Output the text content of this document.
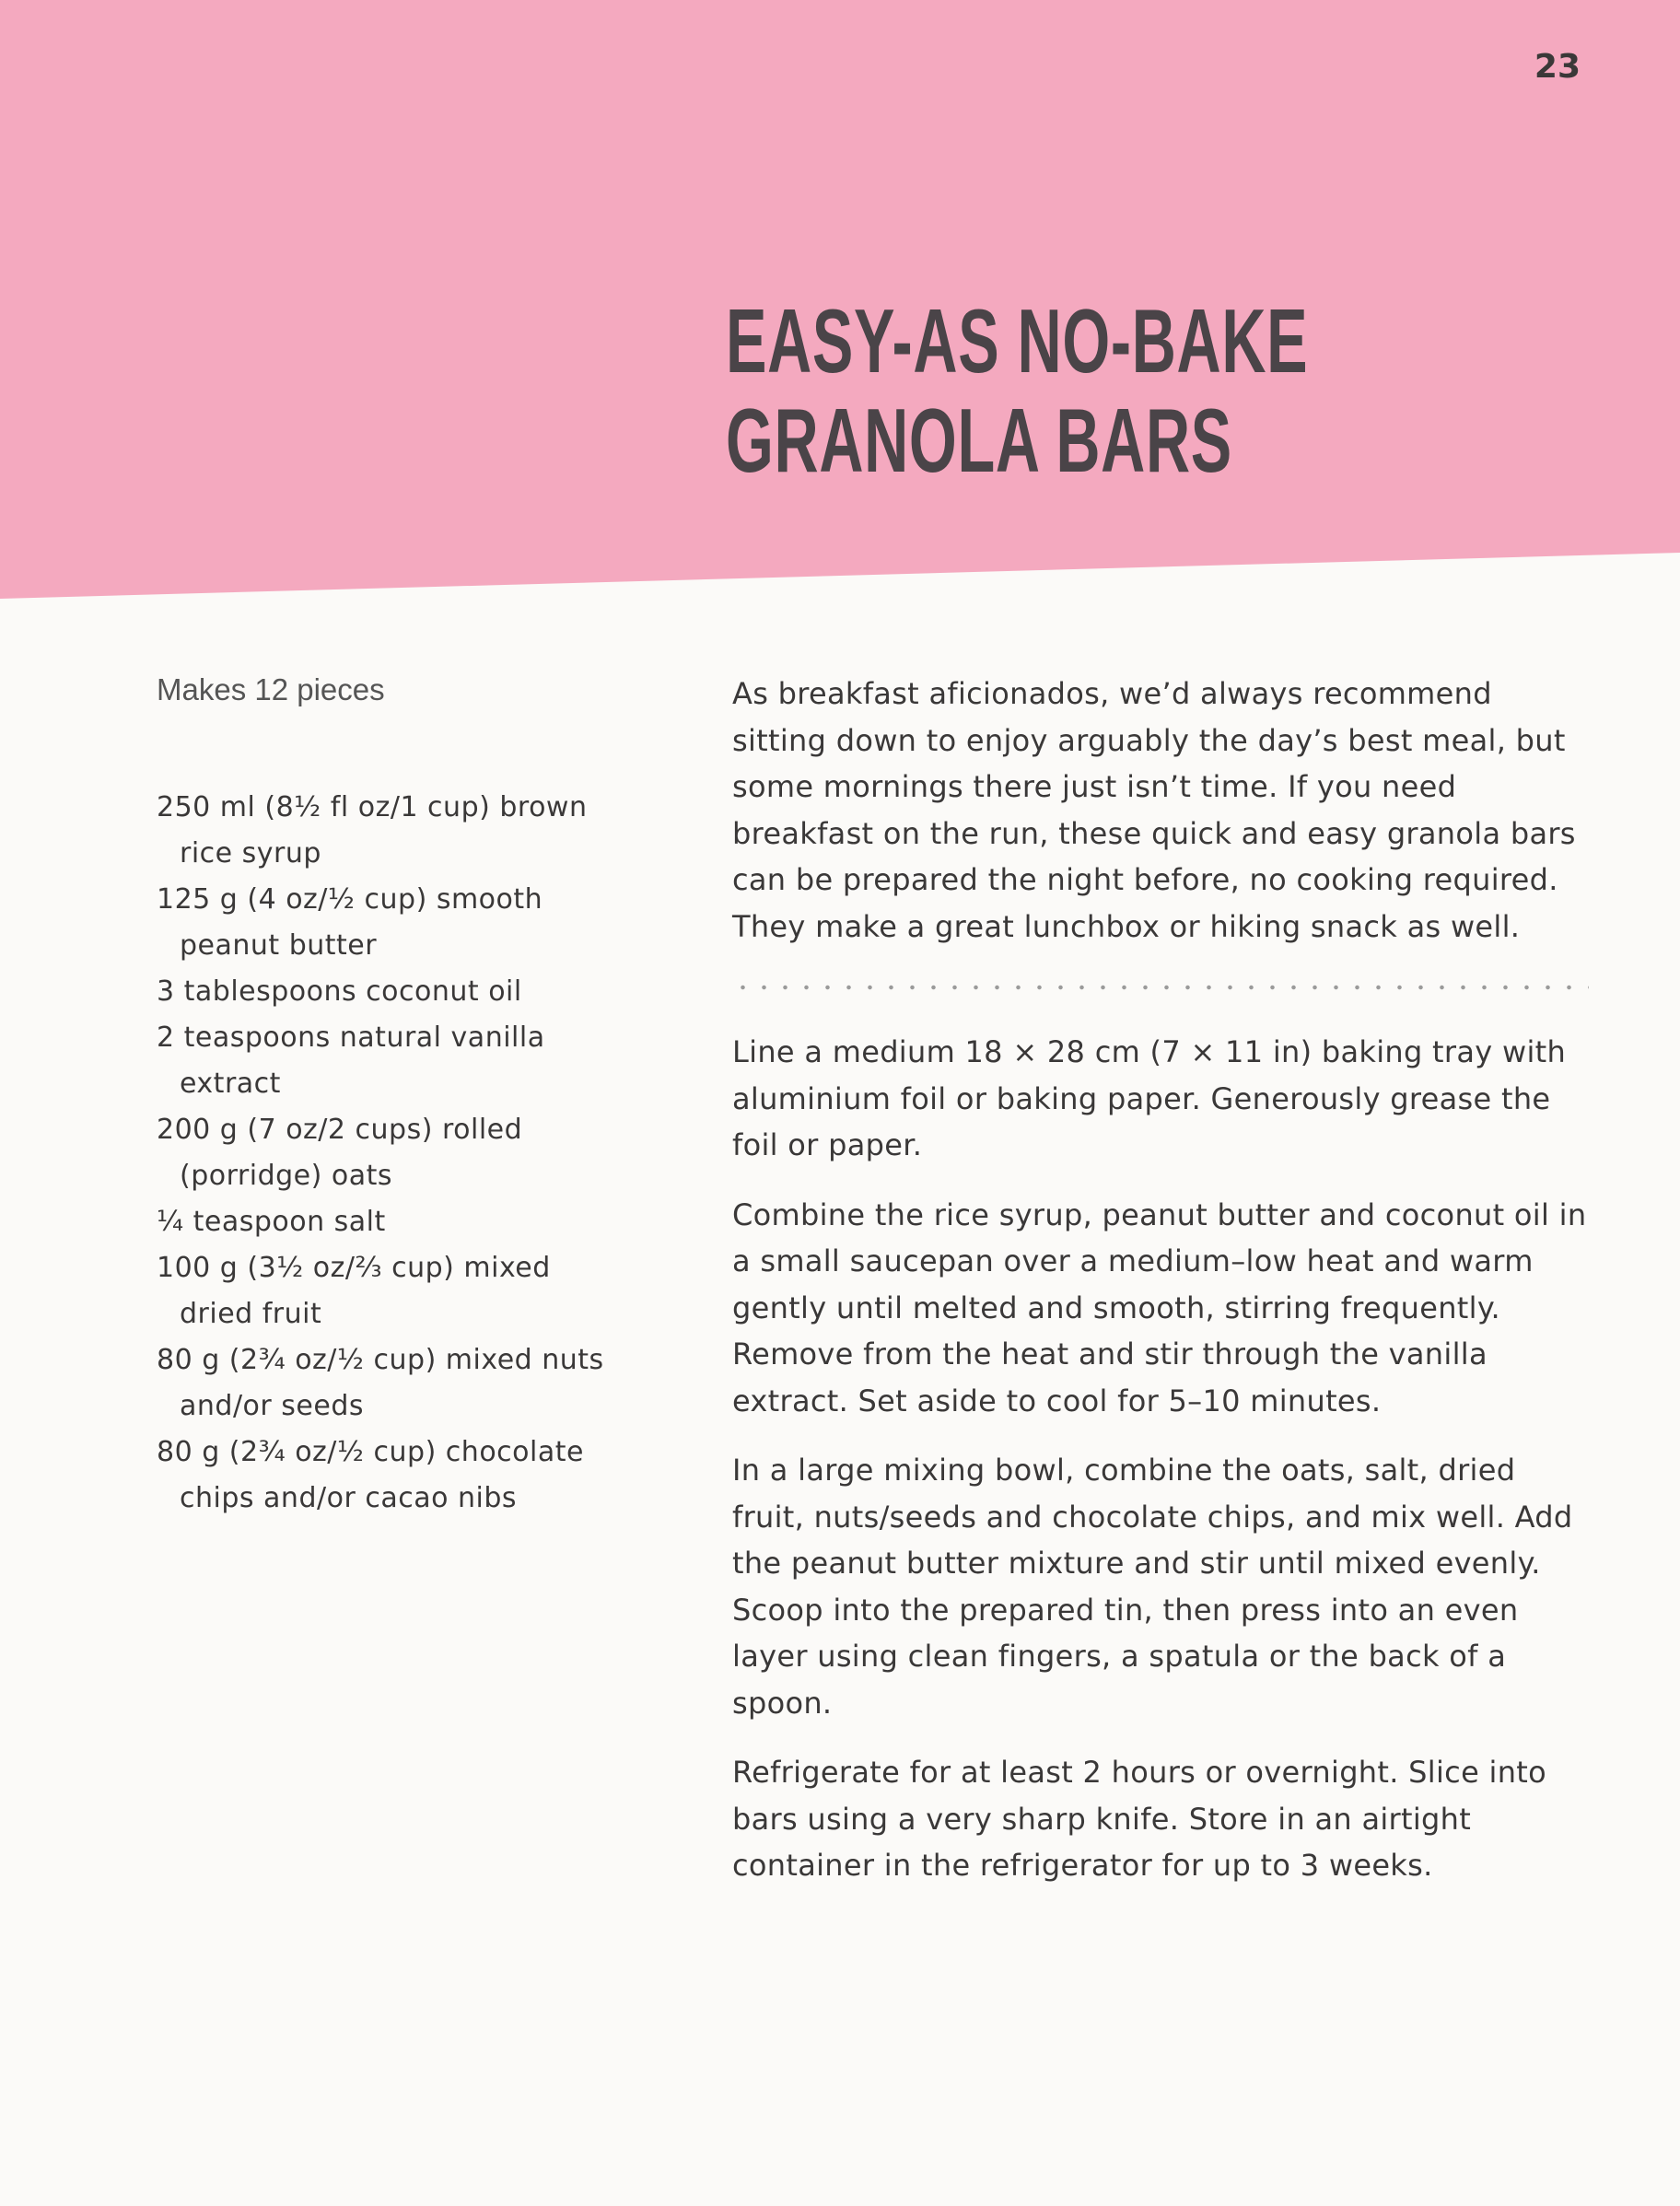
23
EASY-AS NO-BAKE
GRANOLA BARS

Makes 12 pieces

250 ml (8½ fl oz/1 cup) brown rice syrup
125 g (4 oz/½ cup) smooth peanut butter
3 tablespoons coconut oil
2 teaspoons natural vanilla extract
200 g (7 oz/2 cups) rolled (porridge) oats
¼ teaspoon salt
100 g (3½ oz/⅔ cup) mixed dried fruit
80 g (2¾ oz/½ cup) mixed nuts and/or seeds
80 g (2¾ oz/½ cup) chocolate chips and/or cacao nibs

As breakfast aficionados, we’d always recommend sitting down to enjoy arguably the day’s best meal, but some mornings there just isn’t time. If you need breakfast on the run, these quick and easy granola bars can be prepared the night before, no cooking required. They make a great lunchbox or hiking snack as well.

Line a medium 18 × 28 cm (7 × 11 in) baking tray with aluminium foil or baking paper. Generously grease the foil or paper.

Combine the rice syrup, peanut butter and coconut oil in a small saucepan over a medium–low heat and warm gently until melted and smooth, stirring frequently. Remove from the heat and stir through the vanilla extract. Set aside to cool for 5–10 minutes.

In a large mixing bowl, combine the oats, salt, dried fruit, nuts/seeds and chocolate chips, and mix well. Add the peanut butter mixture and stir until mixed evenly. Scoop into the prepared tin, then press into an even layer using clean fingers, a spatula or the back of a spoon.

Refrigerate for at least 2 hours or overnight. Slice into bars using a very sharp knife. Store in an airtight container in the refrigerator for up to 3 weeks.
